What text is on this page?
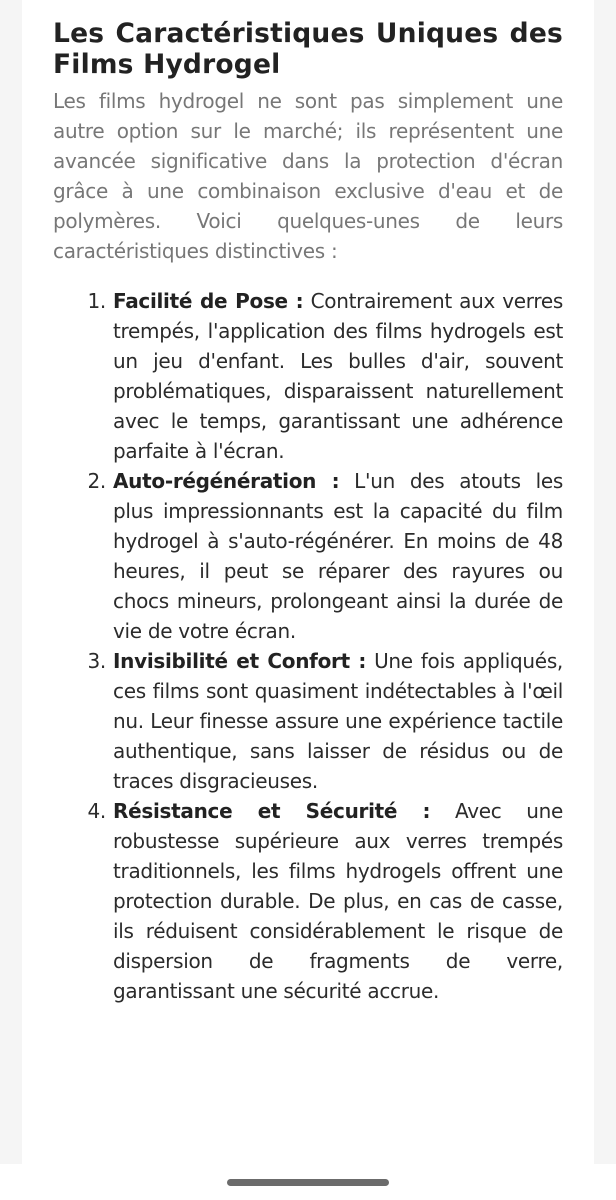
Les Caractéristiques Uniques des Films Hydrogel

Les films hydrogel ne sont pas simplement une autre option sur le marché; ils représentent une avancée significative dans la protection d'écran grâce à une combinaison exclusive d'eau et de polymères. Voici quelques-unes de leurs caractéristiques distinctives :

1. Facilité de Pose : Contrairement aux verres trempés, l'application des films hydrogels est un jeu d'enfant. Les bulles d'air, souvent problématiques, disparaissent naturellement avec le temps, garantissant une adhérence parfaite à l'écran.
2. Auto-régénération : L'un des atouts les plus impressionnants est la capacité du film hydrogel à s'auto-régénérer. En moins de 48 heures, il peut se réparer des rayures ou chocs mineurs, prolongeant ainsi la durée de vie de votre écran.
3. Invisibilité et Confort : Une fois appliqués, ces films sont quasiment indétectables à l'œil nu. Leur finesse assure une expérience tactile authentique, sans laisser de résidus ou de traces disgracieuses.
4. Résistance et Sécurité : Avec une robustesse supérieure aux verres trempés traditionnels, les films hydrogels offrent une protection durable. De plus, en cas de casse, ils réduisent considérablement le risque de dispersion de fragments de verre, garantissant une sécurité accrue.
